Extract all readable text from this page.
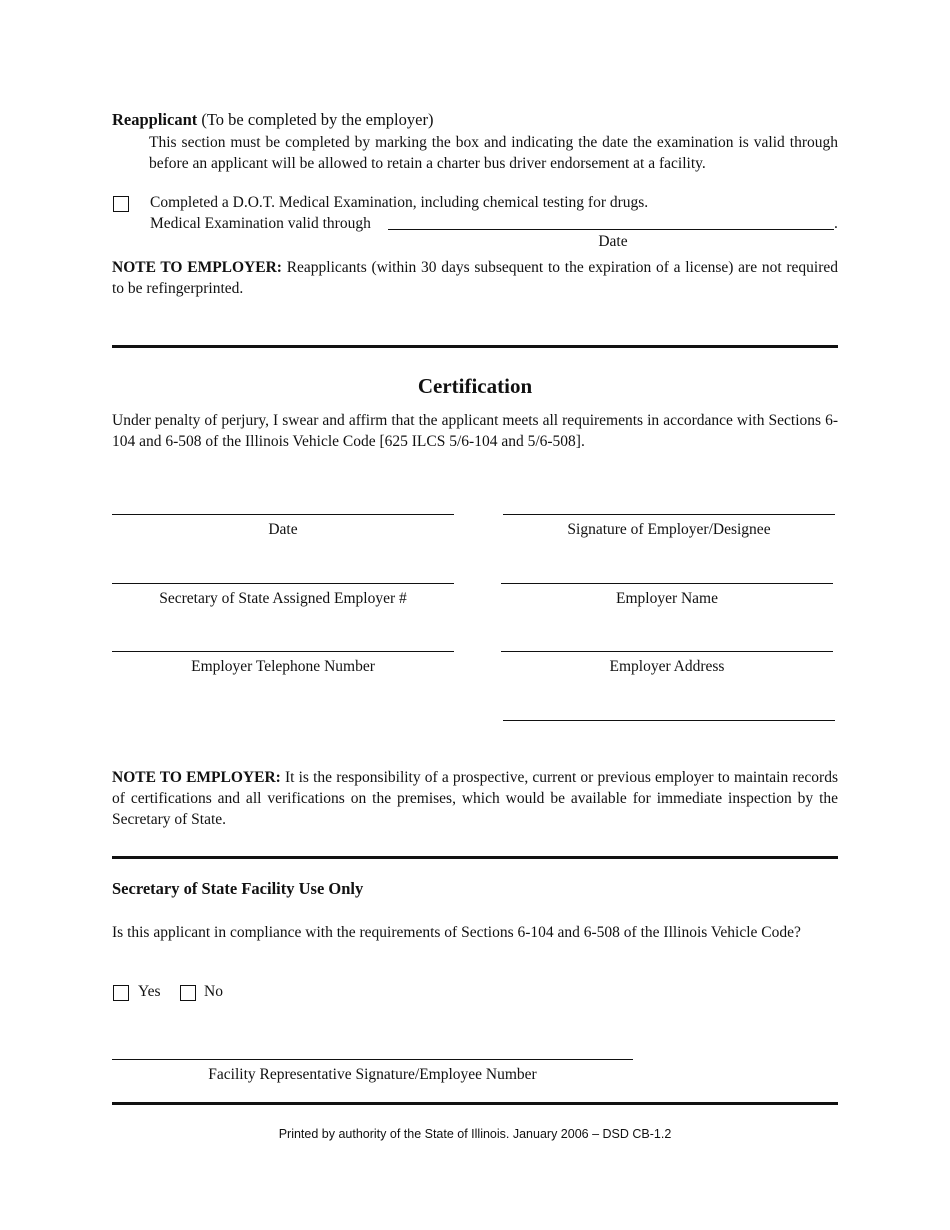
Reapplicant (To be completed by the employer)
This section must be completed by marking the box and indicating the date the examination is valid through before an applicant will be allowed to retain a charter bus driver endorsement at a facility.
Completed a D.O.T. Medical Examination, including chemical testing for drugs.
Medical Examination valid through	.
Date
NOTE TO EMPLOYER: Reapplicants (within 30 days subsequent to the expiration of a license) are not required to be refingerprinted.
Certification
Under penalty of perjury, I swear and affirm that the applicant meets all requirements in accordance with Sections 6-104 and 6-508 of the Illinois Vehicle Code [625 ILCS 5/6-104 and 5/6-508].
Date	Signature of Employer/Designee
Secretary of State Assigned Employer #	Employer Name
Employer Telephone Number	Employer Address
NOTE TO EMPLOYER: It is the responsibility of a prospective, current or previous employer to maintain records of certifications and all verifications on the premises, which would be available for immediate inspection by the Secretary of State.
Secretary of State Facility Use Only
Is this applicant in compliance with the requirements of Sections 6-104 and 6-508 of the Illinois Vehicle Code?
Yes	No
Facility Representative Signature/Employee Number
Printed by authority of the State of Illinois. January 2006 – DSD CB-1.2
